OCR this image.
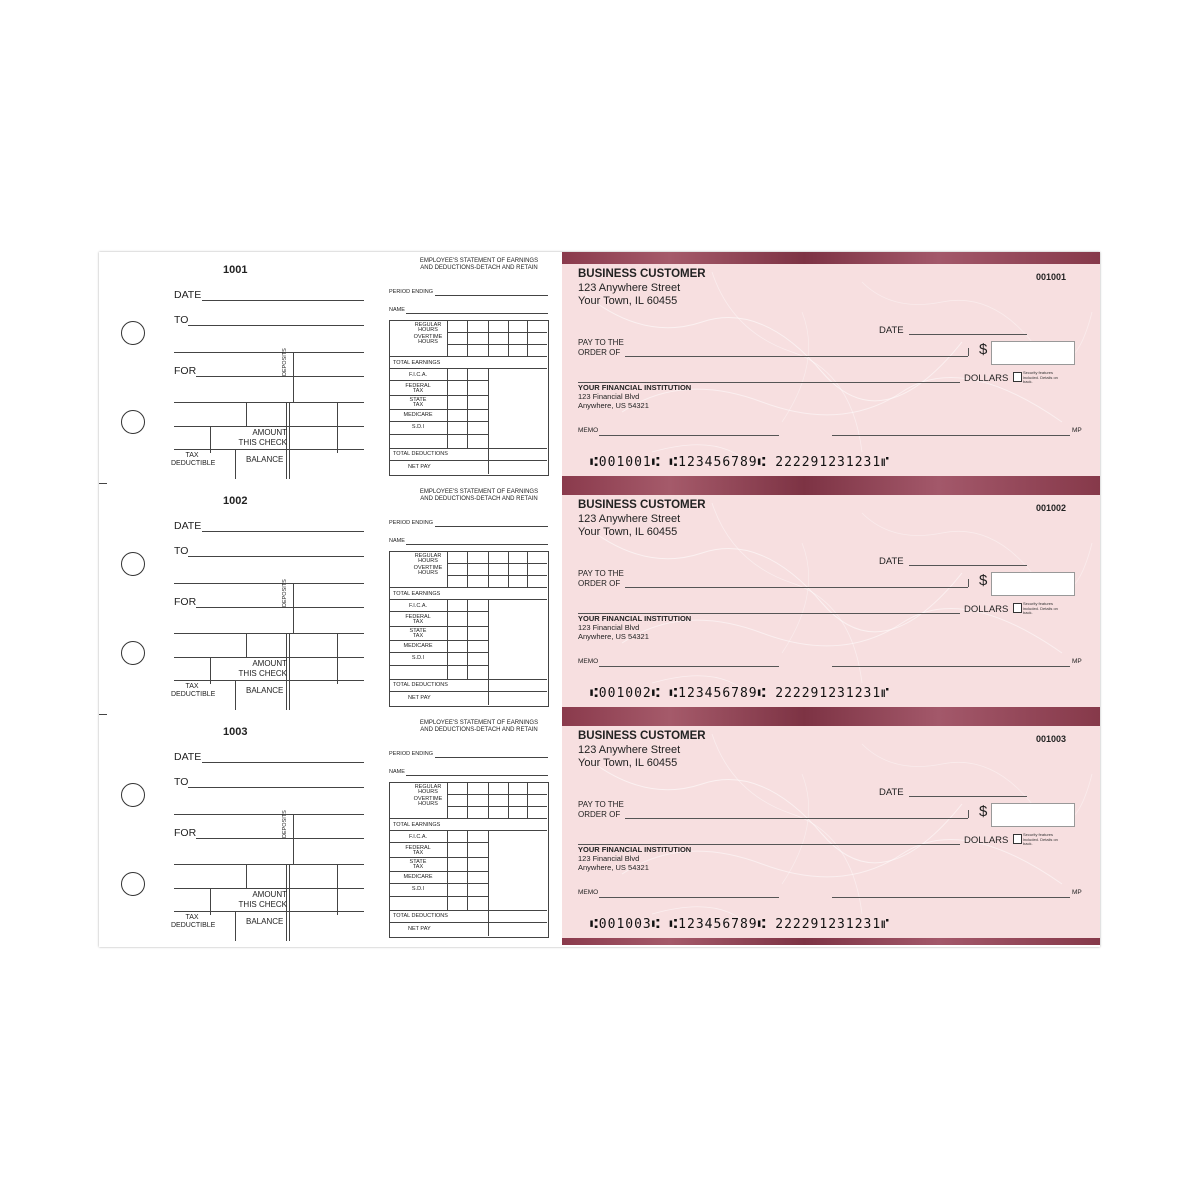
1001
DATE
TO
FOR	DEPOSITS
AMOUNT
THIS CHECK
TAX
DEDUCTIBLE	BALANCE
EMPLOYEE'S STATEMENT OF EARNINGS
AND DEDUCTIONS-DETACH AND RETAIN
PERIOD ENDING
NAME
REGULAR
HOURS
OVERTIME
HOURS
TOTAL EARNINGS
F.I.C.A.
FEDERAL
TAX
STATE
TAX
MEDICARE
S.D.I
TOTAL DEDUCTIONS
NET PAY
BUSINESS CUSTOMER
123 Anywhere Street
Your Town, IL 60455
001001
DATE
PAY TO THE
ORDER OF	$
DOLLARS
Security features included. Details on back.
YOUR FINANCIAL INSTITUTION
123 Financial Blvd
Anywhere, US 54321
MEMO	MP
⑆001001⑆ ⑆123456789⑆ 222291231231⑈
1002
DATE
TO
FOR	DEPOSITS
AMOUNT
THIS CHECK
TAX
DEDUCTIBLE	BALANCE
EMPLOYEE'S STATEMENT OF EARNINGS
AND DEDUCTIONS-DETACH AND RETAIN
PERIOD ENDING
NAME
REGULAR
HOURS
OVERTIME
HOURS
TOTAL EARNINGS
F.I.C.A.
FEDERAL
TAX
STATE
TAX
MEDICARE
S.D.I
TOTAL DEDUCTIONS
NET PAY
BUSINESS CUSTOMER
123 Anywhere Street
Your Town, IL 60455
001002
DATE
PAY TO THE
ORDER OF	$
DOLLARS
Security features included. Details on back.
YOUR FINANCIAL INSTITUTION
123 Financial Blvd
Anywhere, US 54321
MEMO	MP
⑆001002⑆ ⑆123456789⑆ 222291231231⑈
1003
DATE
TO
FOR	DEPOSITS
AMOUNT
THIS CHECK
TAX
DEDUCTIBLE	BALANCE
EMPLOYEE'S STATEMENT OF EARNINGS
AND DEDUCTIONS-DETACH AND RETAIN
PERIOD ENDING
NAME
REGULAR
HOURS
OVERTIME
HOURS
TOTAL EARNINGS
F.I.C.A.
FEDERAL
TAX
STATE
TAX
MEDICARE
S.D.I
TOTAL DEDUCTIONS
NET PAY
BUSINESS CUSTOMER
123 Anywhere Street
Your Town, IL 60455
001003
DATE
PAY TO THE
ORDER OF	$
DOLLARS
Security features included. Details on back.
YOUR FINANCIAL INSTITUTION
123 Financial Blvd
Anywhere, US 54321
MEMO	MP
⑆001003⑆ ⑆123456789⑆ 222291231231⑈
